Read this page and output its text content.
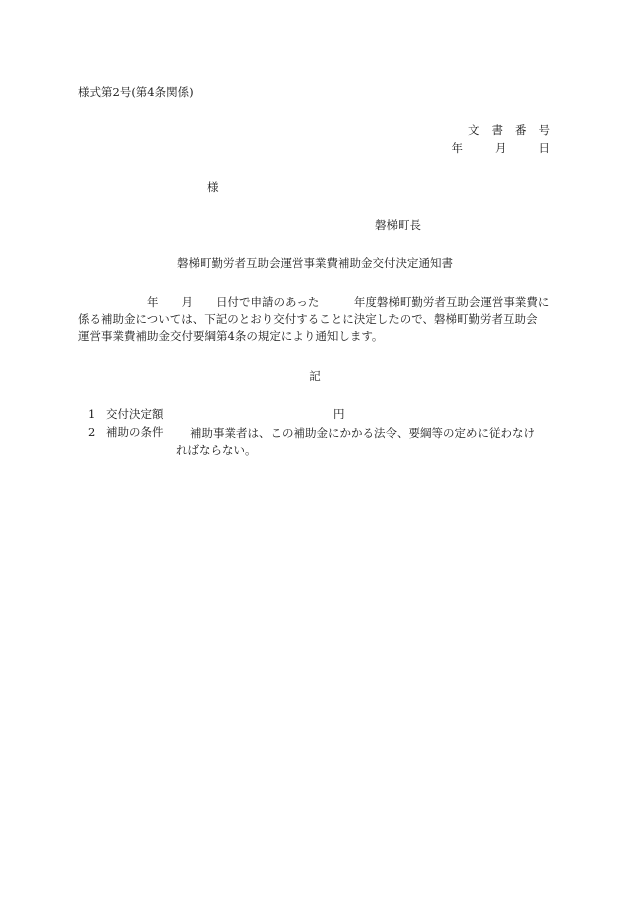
様式第2号(第4条関係)
文 書 番 号
年	月	日
様
磐梯町長
磐梯町勤労者互助会運営事業費補助金交付決定通知書
　　　　　　年　　月　　日付で申請のあった　　　年度磐梯町勤労者互助会運営事業費に
係る補助金については、下記のとおり交付することに決定したので、磐梯町勤労者互助会
運営事業費補助金交付要綱第4条の規定により通知します。
記
1 交付決定額	円
2 補助の条件 補助事業者は、この補助金にかかる法令、要綱等の定めに従わなけ
ればならない。
